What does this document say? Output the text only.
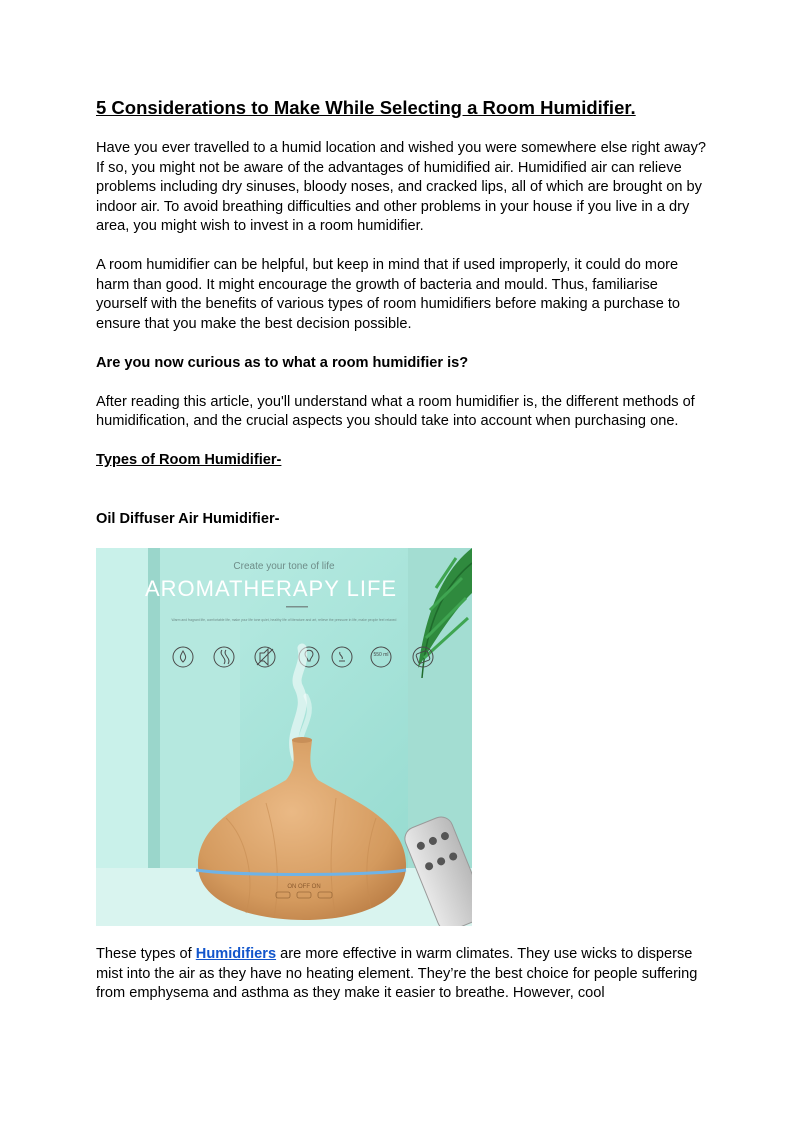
5 Considerations to Make While Selecting a Room Humidifier.

Have you ever travelled to a humid location and wished you were somewhere else right away? If so, you might not be aware of the advantages of humidified air. Humidified air can relieve problems including dry sinuses, bloody noses, and cracked lips, all of which are brought on by indoor air. To avoid breathing difficulties and other problems in your house if you live in a dry area, you might wish to invest in a room humidifier.

A room humidifier can be helpful, but keep in mind that if used improperly, it could do more harm than good. It might encourage the growth of bacteria and mould. Thus, familiarise yourself with the benefits of various types of room humidifiers before making a purchase to ensure that you make the best decision possible.

Are you now curious as to what a room humidifier is?

After reading this article, you'll understand what a room humidifier is, the different methods of humidification, and the crucial aspects you should take into account when purchasing one.

Types of Room Humidifier-

Oil Diffuser Air Humidifier-

Create your tone of life
AROMATHERAPY LIFE
Warm and fragrant life, comfortable life, make your life tone quiet, healthy life of literature and art, relieve the pressure in life, make people feel relaxed
550 ml
ON OFF ON

These types of Humidifiers are more effective in warm climates. They use wicks to disperse mist into the air as they have no heating element. They’re the best choice for people suffering from emphysema and asthma as they make it easier to breathe. However, cool
